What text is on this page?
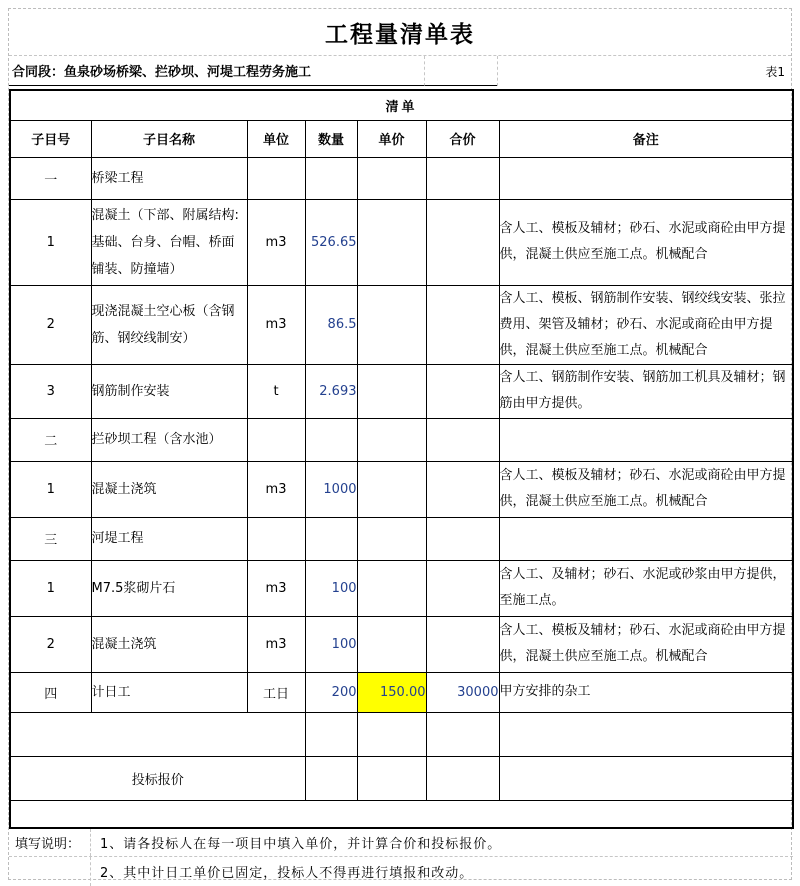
工程量清单表
合同段：鱼泉砂场桥梁、拦砂坝、河堤工程劳务施工	表1
清单						
子目号	子目名称	单位	数量	单价	合价	备注
一	桥梁工程					
1	混凝土（下部、附属结构: 基础、台身、台帽、桥面铺装、防撞墙）	m3	526.65			含人工、模板及辅材；砂石、水泥或商砼由甲方提供，混凝土供应至施工点。机械配合
2	现浇混凝土空心板（含钢筋、钢绞线制安）	m3	86.5			含人工、模板、钢筋制作安装、钢绞线安装、张拉费用、架管及辅材；砂石、水泥或商砼由甲方提供，混凝土供应至施工点。机械配合
3	钢筋制作安装	t	2.693			含人工、钢筋制作安装、钢筋加工机具及辅材；钢筋由甲方提供。
二	拦砂坝工程（含水池）					
1	混凝土浇筑	m3	1000			含人工、模板及辅材；砂石、水泥或商砼由甲方提供，混凝土供应至施工点。机械配合
三	河堤工程					
1	M7.5浆砌片石	m3	100			含人工、及辅材；砂石、水泥或砂浆由甲方提供，至施工点。
2	混凝土浇筑	m3	100			含人工、模板及辅材；砂石、水泥或商砼由甲方提供，混凝土供应至施工点。机械配合
四	计日工	工日	200	150.00	30000	甲方安排的杂工

投标报价						

填写说明：	1、请各投标人在每一项目中填入单价，并计算合价和投标报价。
2、其中计日工单价已固定，投标人不得再进行填报和改动。
